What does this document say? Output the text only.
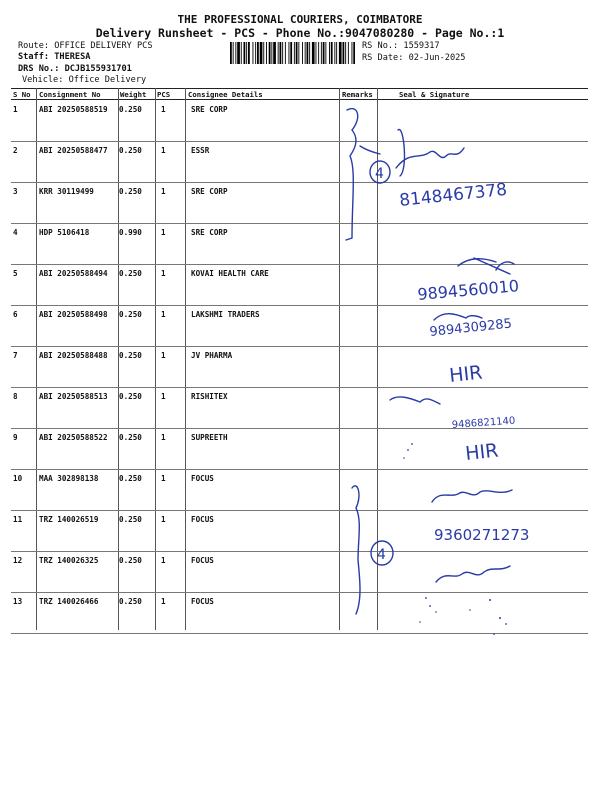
THE PROFESSIONAL COURIERS, COIMBATORE
Delivery Runsheet - PCS - Phone No.:9047080280 - Page No.:1
Route: OFFICE DELIVERY PCS
Staff: THERESA
DRS No.: DCJB155931701
Vehicle: Office Delivery
RS No.: 1559317
RS Date: 02-Jun-2025
S No Consignment No	Weight PCS Consignee Details	Remarks	Seal & Signature
1	ABI 20250588519 0.250	1	SRE CORP
2	ABI 20250588477 0.250	1	ESSR
3	KRR 30119499	0.250	1	SRE CORP
4	HDP 5106418	0.990	1	SRE CORP
5	ABI 20250588494 0.250	1	KOVAI HEALTH CARE
6	ABI 20250588498 0.250	1	LAKSHMI TRADERS
7	ABI 20250588488 0.250	1	JV PHARMA
8	ABI 20250588513 0.250	1	RISHITEX
9	ABI 20250588522 0.250	1	SUPREETH
10 MAA 302898138	0.250	1	FOCUS
11 TRZ 140026519	0.250	1	FOCUS
12 TRZ 140026325	0.250	1	FOCUS
13 TRZ 140026466	0.250	1	FOCUS
4
8148467378
9894560010
9894309285
HIR
9486821140
HIR
9360271273
4
